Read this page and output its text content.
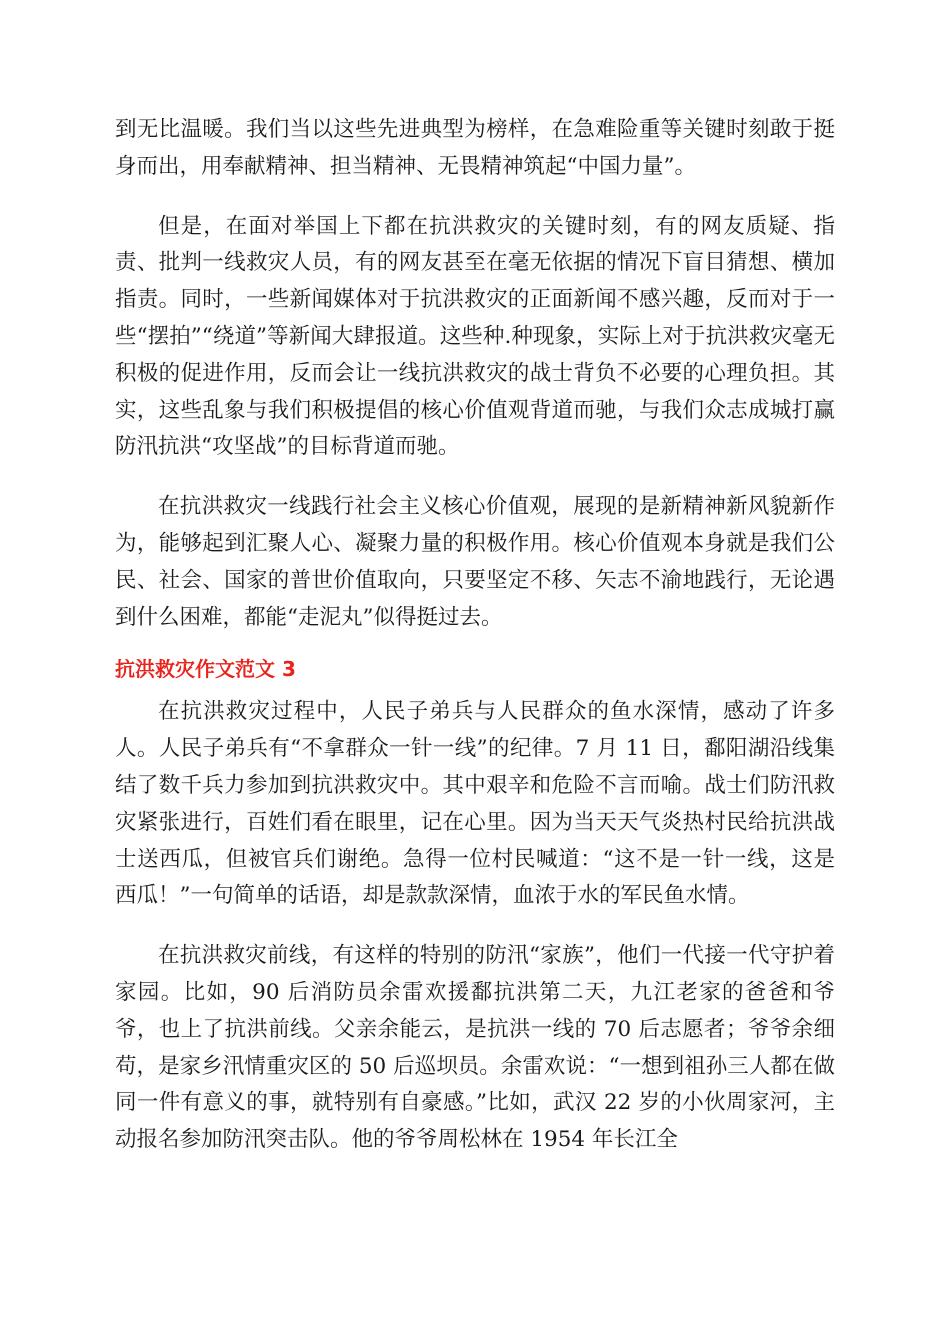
到无比温暖。我们当以这些先进典型为榜样，在急难险重等关键时刻敢于挺身而出，用奉献精神、担当精神、无畏精神筑起“中国力量”。

但是，在面对举国上下都在抗洪救灾的关键时刻，有的网友质疑、指责、批判一线救灾人员，有的网友甚至在毫无依据的情况下盲目猜想、横加指责。同时，一些新闻媒体对于抗洪救灾的正面新闻不感兴趣，反而对于一些“摆拍”“绕道”等新闻大肆报道。这些种.种现象，实际上对于抗洪救灾毫无积极的促进作用，反而会让一线抗洪救灾的战士背负不必要的心理负担。其实，这些乱象与我们积极提倡的核心价值观背道而驰，与我们众志成城打赢防汛抗洪“攻坚战”的目标背道而驰。

在抗洪救灾一线践行社会主义核心价值观，展现的是新精神新风貌新作为，能够起到汇聚人心、凝聚力量的积极作用。核心价值观本身就是我们公民、社会、国家的普世价值取向，只要坚定不移、矢志不渝地践行，无论遇到什么困难，都能“走泥丸”似得挺过去。

抗洪救灾作文范文 3

在抗洪救灾过程中，人民子弟兵与人民群众的鱼水深情，感动了许多人。人民子弟兵有“不拿群众一针一线”的纪律。7 月 11 日，鄱阳湖沿线集结了数千兵力参加到抗洪救灾中。其中艰辛和危险不言而喻。战士们防汛救灾紧张进行，百姓们看在眼里，记在心里。因为当天天气炎热村民给抗洪战士送西瓜，但被官兵们谢绝。急得一位村民喊道：“这不是一针一线，这是西瓜！”一句简单的话语，却是款款深情，血浓于水的军民鱼水情。

在抗洪救灾前线，有这样的特别的防汛“家族”，他们一代接一代守护着家园。比如，90 后消防员余雷欢援鄱抗洪第二天，九江老家的爸爸和爷爷，也上了抗洪前线。父亲余能云，是抗洪一线的 70 后志愿者；爷爷余细苟，是家乡汛情重灾区的 50 后巡坝员。余雷欢说：“一想到祖孙三人都在做同一件有意义的事，就特别有自豪感。”比如，武汉 22 岁的小伙周家河，主动报名参加防汛突击队。他的爷爷周松林在 1954 年长江全
